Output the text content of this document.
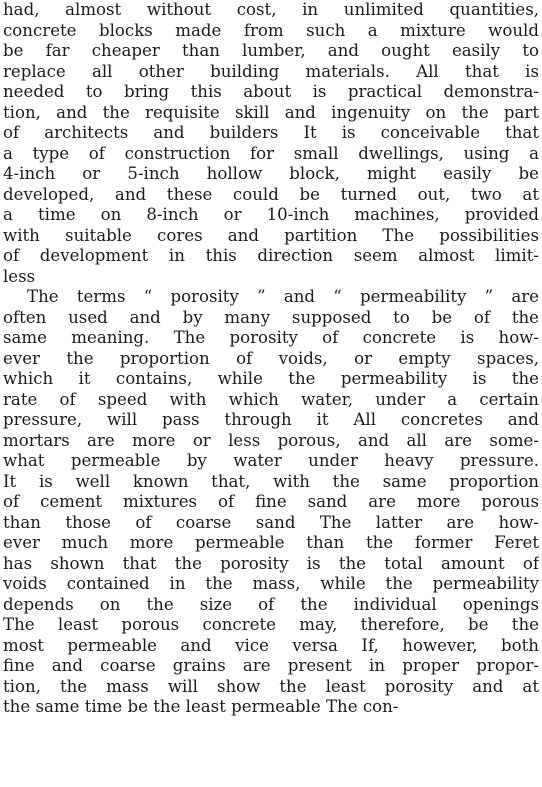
had, almost without cost, in unlimited quantities,
concrete blocks made from such a mixture would
be far cheaper than lumber, and ought easily to
replace all other building materials. All that is
needed to bring this about is practical demonstra-
tion, and the requisite skill and ingenuity on the part
of architects and builders It is conceivable that
a type of construction for small dwellings, using a
4-inch or 5-inch hollow block, might easily be
developed, and these could be turned out, two at
a time on 8-inch or 10-inch machines, provided
with suitable cores and partition The possibilities
of development in this direction seem almost limit-
less
The terms “ porosity ” and “ permeability ” are
often used and by many supposed to be of the
same meaning. The porosity of concrete is how-
ever the proportion of voids, or empty spaces,
which it contains, while the permeability is the
rate of speed with which water, under a certain
pressure, will pass through it All concretes and
mortars are more or less porous, and all are some-
what permeable by water under heavy pressure.
It is well known that, with the same proportion
of cement mixtures of fine sand are more porous
than those of coarse sand The latter are how-
ever much more permeable than the former Feret
has shown that the porosity is the total amount of
voids contained in the mass, while the permeability
depends on the size of the individual openings
The least porous concrete may, therefore, be the
most permeable and vice versa If, however, both
fine and coarse grains are present in proper propor-
tion, the mass will show the least porosity and at
the same time be the least permeable The con-
